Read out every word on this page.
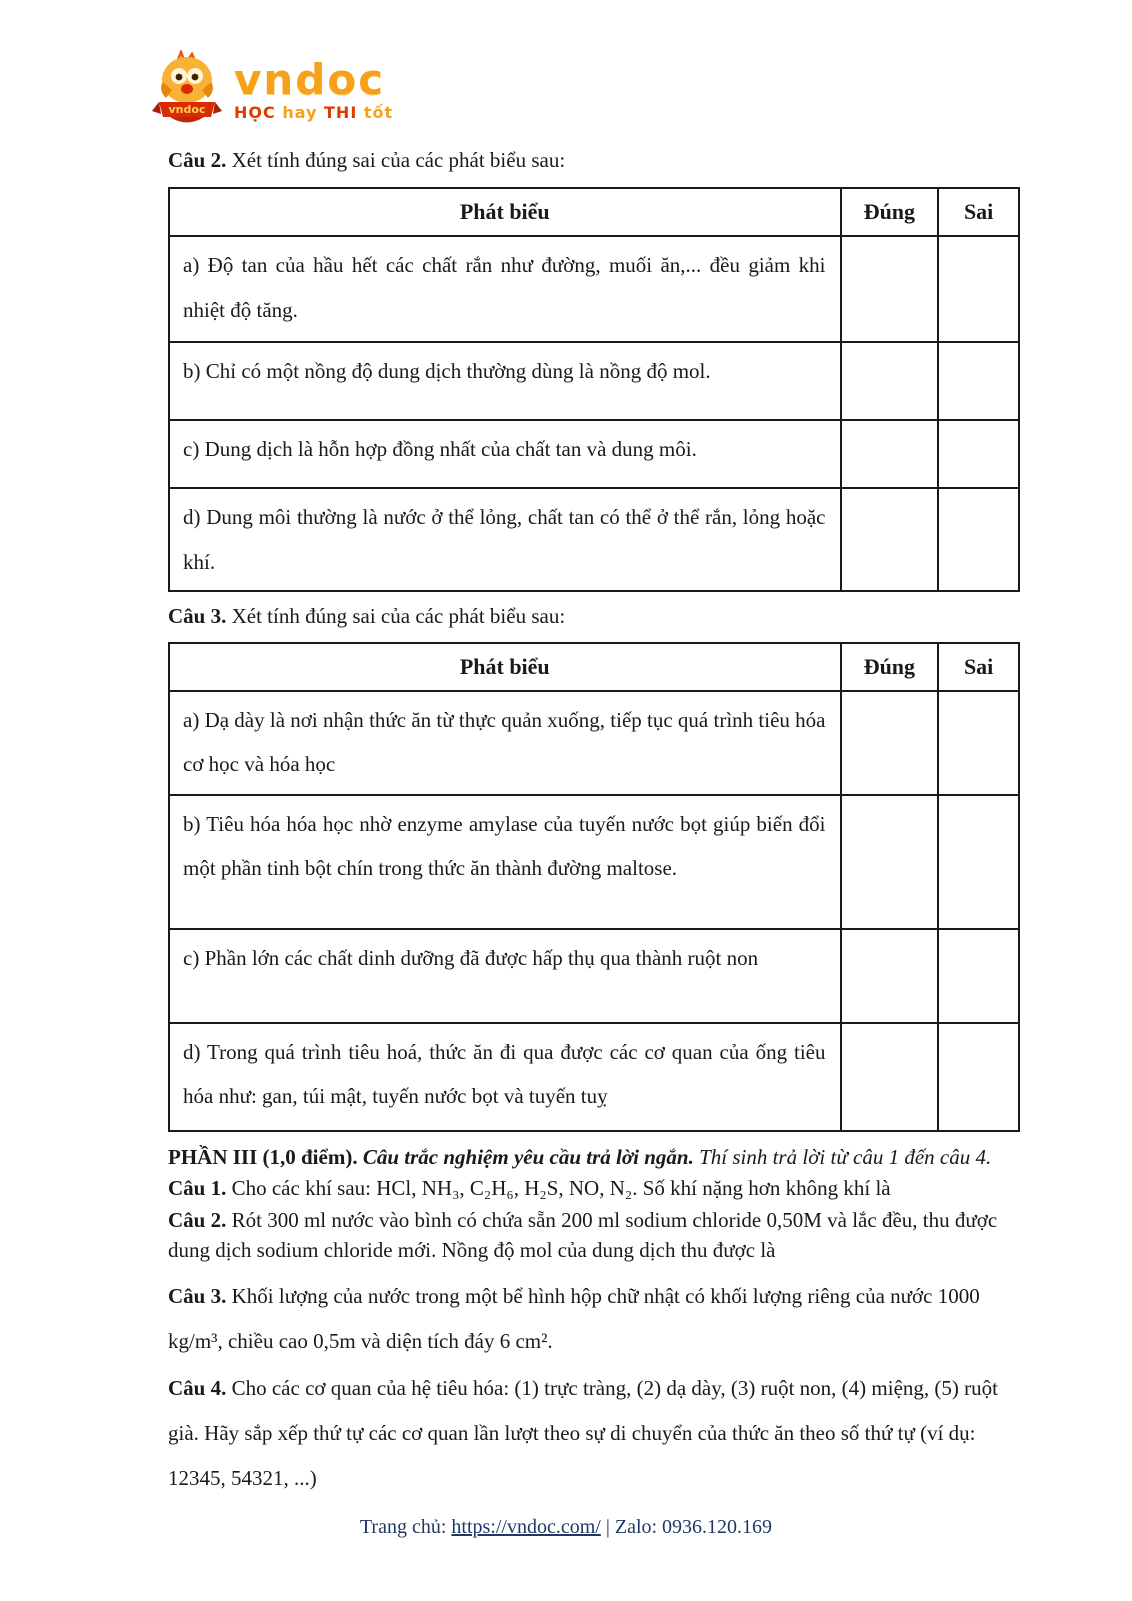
vndoc
vndoc
HỌC hay THI tốt

Câu 2. Xét tính đúng sai của các phát biểu sau:

Phát biểu	Đúng	Sai
a) Độ tan của hầu hết các chất rắn như đường, muối ăn,... đều giảm khi nhiệt độ tăng.		
b) Chỉ có một nồng độ dung dịch thường dùng là nồng độ mol.		
c) Dung dịch là hỗn hợp đồng nhất của chất tan và dung môi.		
d) Dung môi thường là nước ở thể lỏng, chất tan có thể ở thể rắn, lỏng hoặc khí.		

Câu 3. Xét tính đúng sai của các phát biểu sau:

Phát biểu	Đúng	Sai
a) Dạ dày là nơi nhận thức ăn từ thực quản xuống, tiếp tục quá trình tiêu hóa cơ học và hóa học		
b) Tiêu hóa hóa học nhờ enzyme amylase của tuyến nước bọt giúp biến đổi một phần tinh bột chín trong thức ăn thành đường maltose.		
c) Phần lớn các chất dinh dưỡng đã được hấp thụ qua thành ruột non		
d) Trong quá trình tiêu hoá, thức ăn đi qua được các cơ quan của ống tiêu hóa như: gan, túi mật, tuyến nước bọt và tuyến tuỵ		

PHẦN III (1,0 điểm). Câu trắc nghiệm yêu cầu trả lời ngắn. Thí sinh trả lời từ câu 1 đến câu 4.

Câu 1. Cho các khí sau: HCl, NH₃, C₂H₆, H₂S, NO, N₂. Số khí nặng hơn không khí là

Câu 2. Rót 300 ml nước vào bình có chứa sẵn 200 ml sodium chloride 0,50M và lắc đều, thu được dung dịch sodium chloride mới. Nồng độ mol của dung dịch thu được là

Câu 3. Khối lượng của nước trong một bể hình hộp chữ nhật có khối lượng riêng của nước 1000 kg/m³, chiều cao 0,5m và diện tích đáy 6 cm².

Câu 4. Cho các cơ quan của hệ tiêu hóa: (1) trực tràng, (2) dạ dày, (3) ruột non, (4) miệng, (5) ruột già. Hãy sắp xếp thứ tự các cơ quan lần lượt theo sự di chuyển của thức ăn theo số thứ tự (ví dụ: 12345, 54321, ...)

Trang chủ: https://vndoc.com/ | Zalo: 0936.120.169
